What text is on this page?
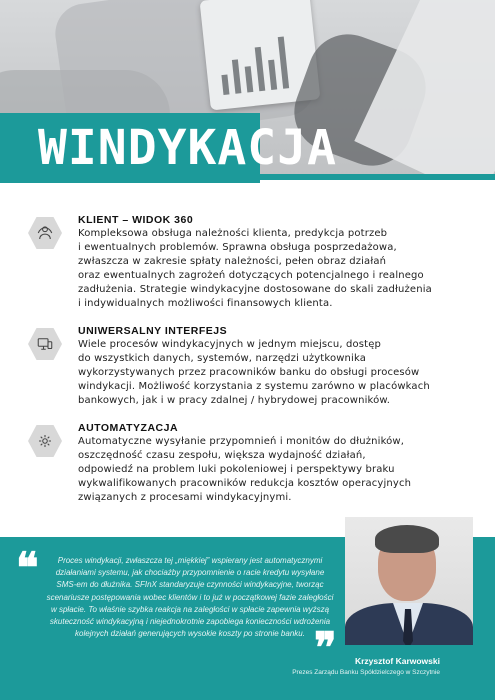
WINDYKACJA
KLIENT – WIDOK 360
Kompleksowa obsługa należności klienta, predykcja potrzeb
i ewentualnych problemów. Sprawna obsługa posprzedażowa,
zwłaszcza w zakresie spłaty należności, pełen obraz działań
oraz ewentualnych zagrożeń dotyczących potencjalnego i realnego
zadłużenia. Strategie windykacyjne dostosowane do skali zadłużenia
i indywidualnych możliwości finansowych klienta.
UNIWERSALNY INTERFEJS
Wiele procesów windykacyjnych w jednym miejscu, dostęp
do wszystkich danych, systemów, narzędzi użytkownika
wykorzystywanych przez pracowników banku do obsługi procesów
windykacji. Możliwość korzystania z systemu zarówno w placówkach
bankowych, jak i w pracy zdalnej / hybrydowej pracowników.
AUTOMATYZACJA
Automatyczne wysyłanie przypomnień i monitów do dłużników,
oszczędność czasu zespołu, większa wydajność działań,
odpowiedź na problem luki pokoleniowej i perspektywy braku
wykwalifikowanych pracowników redukcja kosztów operacyjnych
związanych z procesami windykacyjnymi.
❝	Proces windykacji, zwłaszcza tej „miękkiej” wspierany jest automatycznymi
działaniami systemu, jak chociażby przypomnienie o racie kredytu wysyłane
SMS-em do dłużnika. SFInX standaryzuje czynności windykacyjne, tworząc
scenariusze postępowania wobec klientów i to już w początkowej fazie zaległości
w spłacie. To właśnie szybka reakcja na zaległości w spłacie zapewnia wyższą
skuteczność windykacyjną i niejednokrotnie zapobiega konieczności wdrożenia
kolejnych działań generujących wysokie koszty po stronie banku. ❞	Krzysztof Karwowski
Prezes Zarządu Banku Spółdzielczego w Szczytnie
